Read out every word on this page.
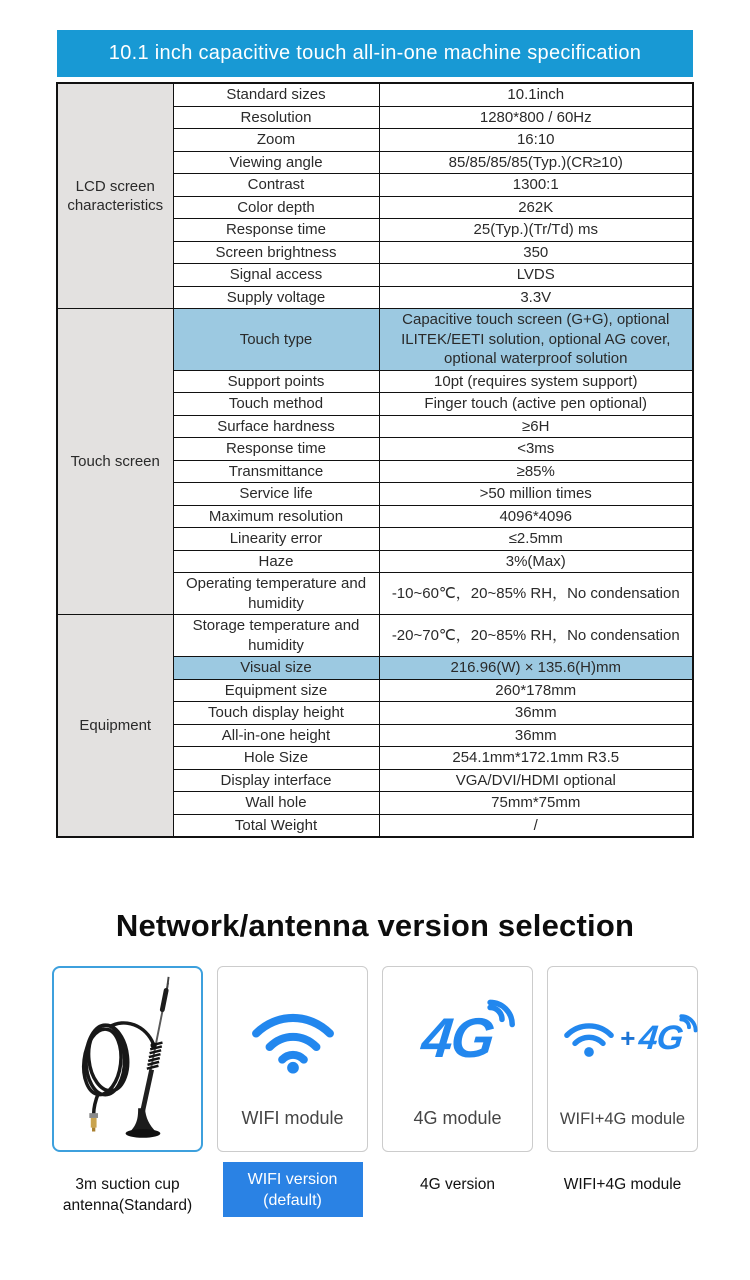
10.1 inch capacitive touch all-in-one machine specification
LCD screen characteristics	Standard sizes	10.1inch
	Resolution	1280*800 / 60Hz
	Zoom	16:10
	Viewing angle	85/85/85/85(Typ.)(CR≥10)
	Contrast	1300:1
	Color depth	262K
	Response time	25(Typ.)(Tr/Td) ms
	Screen brightness	350
	Signal access	LVDS
	Supply voltage	3.3V
Touch screen	Touch type	Capacitive touch screen (G+G), optional ILITEK/EETI solution, optional AG cover, optional waterproof solution
	Support points	10pt (requires system support)
	Touch method	Finger touch (active pen optional)
	Surface hardness	≥6H
	Response time	<3ms
	Transmittance	≥85%
	Service life	>50 million times
	Maximum resolution	4096*4096
	Linearity error	≤2.5mm
	Haze	3%(Max)
	Operating temperature and humidity	-10~60℃，20~85% RH，No condensation
Equipment	Storage temperature and humidity	-20~70℃，20~85% RH，No condensation
	Visual size	216.96(W) × 135.6(H)mm
	Equipment size	260*178mm
	Touch display height	36mm
	All-in-one height	36mm
	Hole Size	254.1mm*172.1mm R3.5
	Display interface	VGA/DVI/HDMI optional
	Wall hole	75mm*75mm
	Total Weight	/
Network/antenna version selection
WIFI module
4G
4G module
+ 4G
WIFI+4G module
3m suction cup antenna(Standard)
WIFI version (default)
4G version	WIFI+4G module
